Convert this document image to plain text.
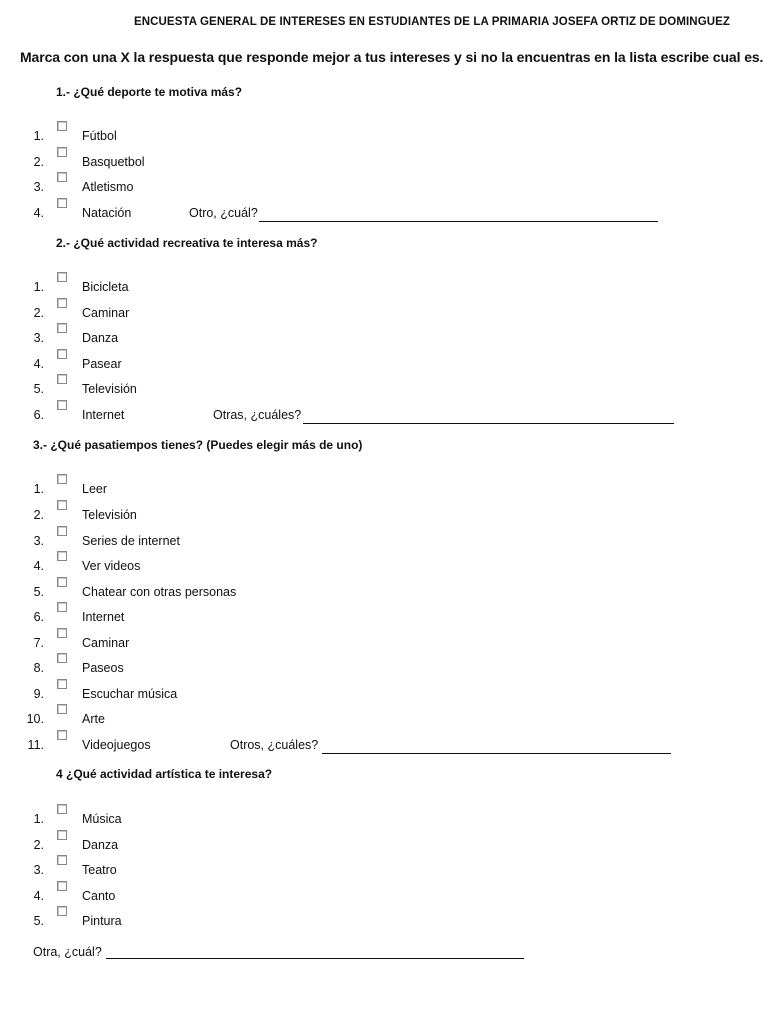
ENCUESTA GENERAL DE INTERESES EN ESTUDIANTES DE LA PRIMARIA JOSEFA ORTIZ DE DOMINGUEZ
Marca con una X la respuesta que responde mejor a tus intereses y si no la encuentras en la lista escribe cual es.
1.- ¿Qué deporte te motiva más?
2.- ¿Qué actividad recreativa te interesa más?
3.- ¿Qué pasatiempos tienes? (Puedes elegir más de uno)
4 ¿Qué actividad artística te interesa?
1.	Fútbol
2.	Basquetbol
3.	Atletismo
4.	Natación	Otro, ¿cuál?
1.	Bicicleta
2.	Caminar
3.	Danza
4.	Pasear
5.	Televisión
6.	Internet	Otras, ¿cuáles?
1.	Leer
2.	Televisión
3.	Series de internet
4.	Ver videos
5.	Chatear con otras personas
6.	Internet
7.	Caminar
8.	Paseos
9.	Escuchar música
10.	Arte
11.	Videojuegos	Otros, ¿cuáles?
1.	Música
2.	Danza
3.	Teatro
4.	Canto
5.	Pintura
Otra, ¿cuál?
